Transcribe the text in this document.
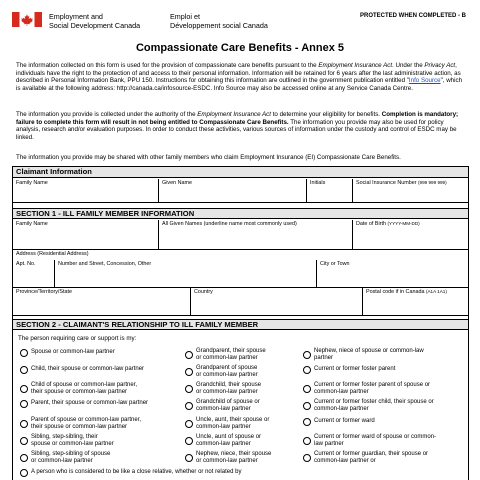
Employment and
Social Development Canada
Emploi et
Développement social Canada
PROTECTED WHEN COMPLETED - B
Compassionate Care Benefits - Annex 5
The information collected on this form is used for the provision of compassionate care benefits pursuant to the Employment Insurance Act. Under the Privacy Act, individuals have the right to the protection of and access to their personal information. Information will be retained for 6 years after the last administrative action, as described in Personal Information Bank, PPU 150. Instructions for obtaining this information are outlined in the government publication entitled "Info Source", which is available at the following address: http://canada.ca/infosource-ESDC. Info Source may also be accessed online at any Service Canada Centre.
The information you provide is collected under the authority of the Employment Insurance Act to determine your eligibility for benefits. Completion is mandatory; failure to complete this form will result in not being entitled to Compassionate Care Benefits. The information you provide may also be used for policy analysis, research and/or evaluation purposes. In order to conduct these activities, various sources of information under the custody and control of ESDC may be linked.
The information you provide may be shared with other family members who claim Employment Insurance (EI) Compassionate Care Benefits.
Claimant Information
Family Name	Given Name	Initials	Social Insurance Number (999 999 999)
SECTION 1 - ILL FAMILY MEMBER INFORMATION
Family Name	All Given Names (underline name most commonly used)	Date of Birth (YYYY-MM-DD)
Address (Residential Address)
Apt. No.	Number and Street, Concession, Other	City or Town
Province/Territory/State	Country	Postal code if in Canada (A1A 1A1)
SECTION 2 - CLAIMANT'S RELATIONSHIP TO ILL FAMILY MEMBER
The person requiring care or support is my:
Spouse or common-law partner
Child, their spouse or common-law partner
Child of spouse or common-law partner,
their spouse or common-law partner
Parent, their spouse or common-law partner
Parent of spouse or common-law partner,
their spouse or common-law partner
Sibling, step-sibling, their
spouse or common-law partner
Sibling, step-sibling of spouse
or common-law partner
A person who is considered to be like a close relative, whether or not related by
Grandparent, their spouse
or common-law partner
Grandparent of spouse
or common-law partner
Grandchild, their spouse
or common-law partner
Grandchild of spouse or
common-law partner
Uncle, aunt, their spouse or
common-law partner
Uncle, aunt of spouse or
common-law partner
Nephew, niece, their spouse
or common-law partner
Nephew, niece of spouse or common-law
partner
Current or former foster parent
Current or former foster parent of spouse or
common-law partner
Current or former foster child, their spouse or
common-law partner
Current or former ward
Current or former ward of spouse or common-
law partner
Current or former guardian, their spouse or
common-law partner or
